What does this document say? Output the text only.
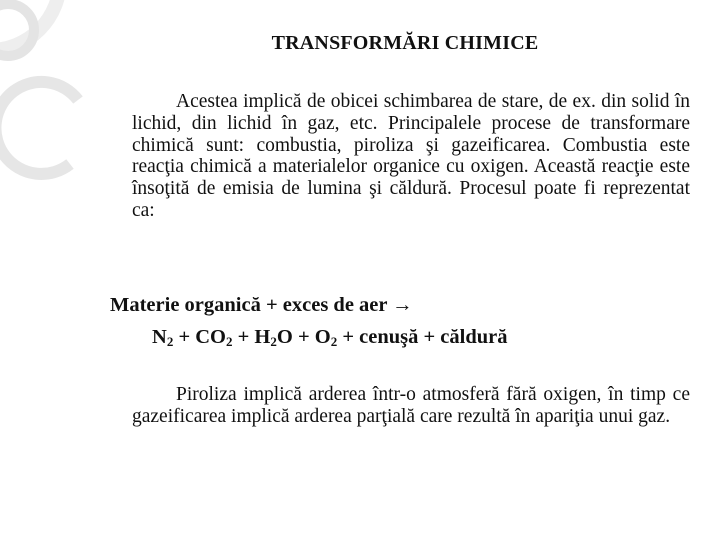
TRANSFORMĂRI CHIMICE
Acestea implică de obicei schimbarea de stare, de ex. din solid în lichid, din lichid în gaz, etc. Principalele procese de transformare chimică sunt: combustia, piroliza şi gazeificarea. Combustia este reacţia chimică a materialelor organice cu oxigen. Această reacţie este însoţită de emisia de lumina şi căldură. Procesul poate fi reprezentat ca:
Materie organică + exces de aer →
$N_2 + CO_2 + H_2O + O_2$ + cenuşă + căldură
Piroliza implică arderea într-o atmosferă fără oxigen, în timp ce gazeificarea implică arderea parţială care rezultă în apariţia unui gaz.
